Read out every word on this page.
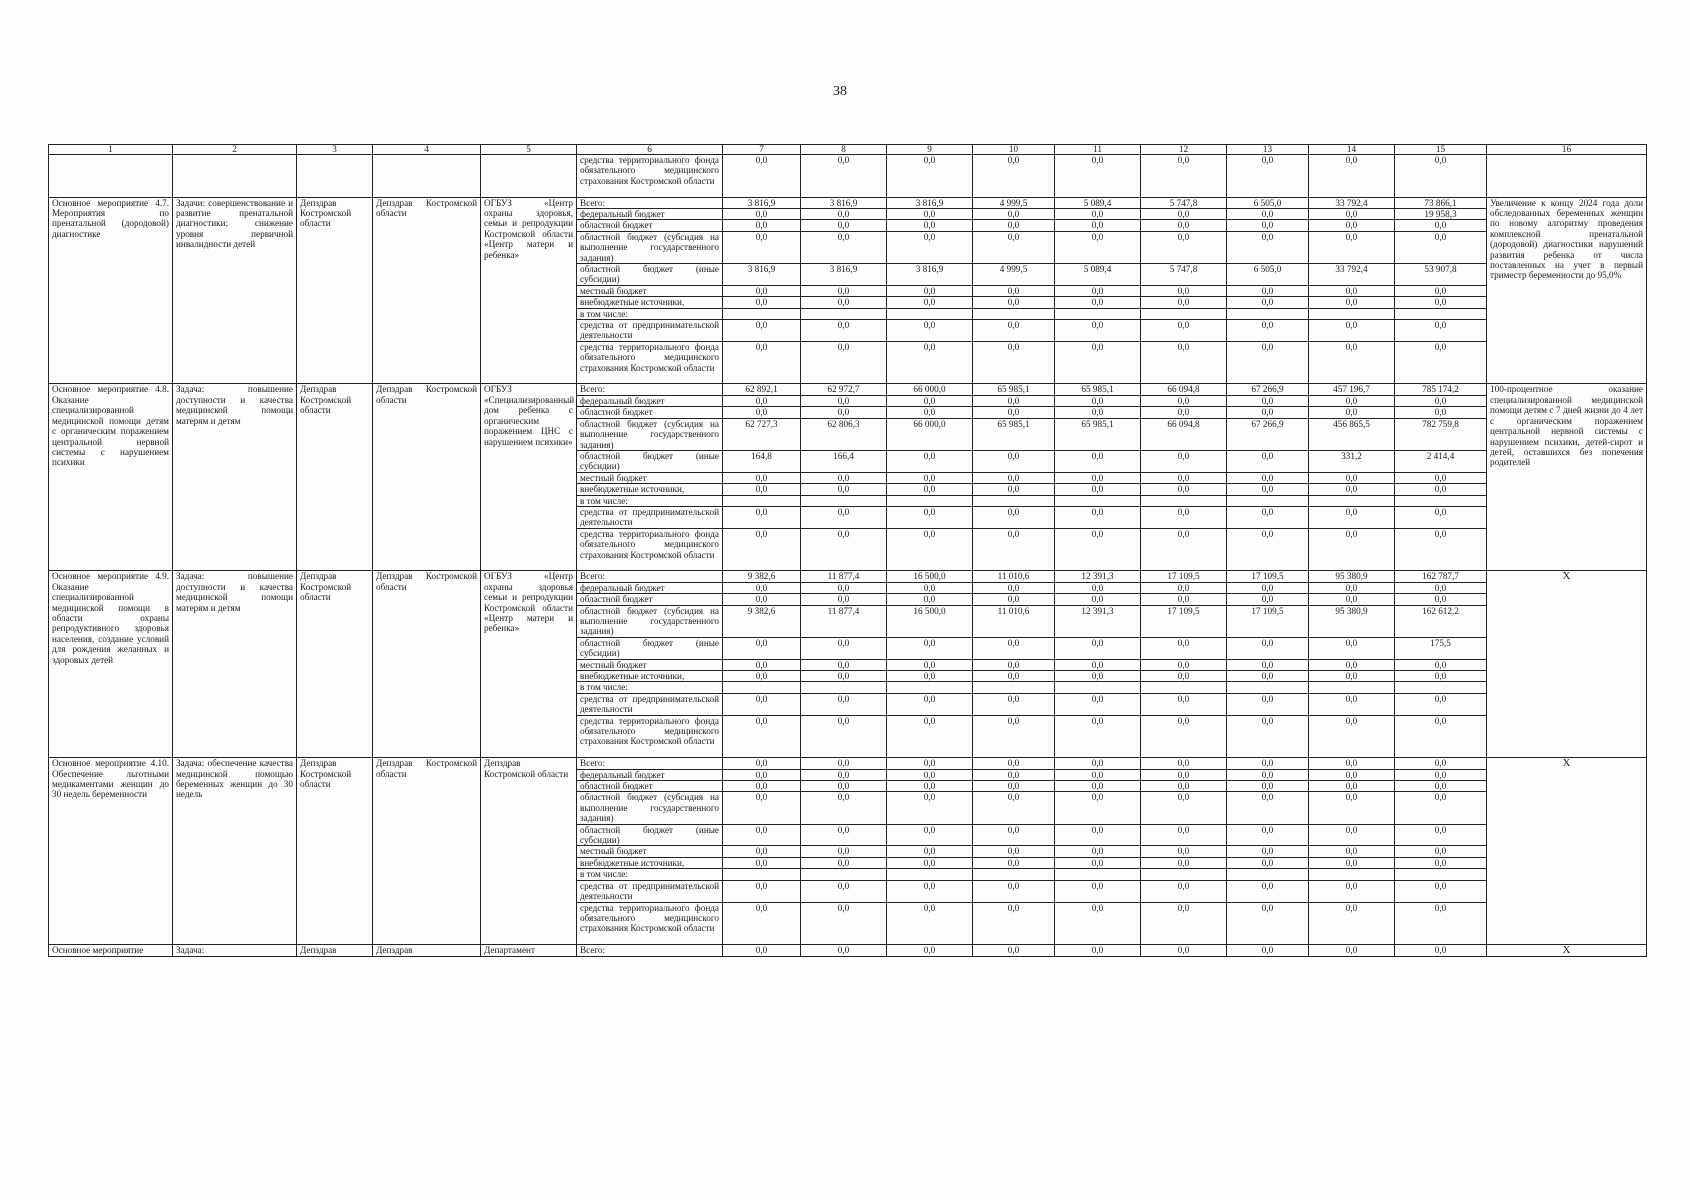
38
1	2	3	4	5	6	7	8	9	10	11	12	13	14	15	16
					средства территориального фонда обязательного медицинского страхования Костромской области	0,0	0,0	0,0	0,0	0,0	0,0	0,0	0,0	0,0	
Основное мероприятие 4.7. Мероприятия по пренатальной (дородовой) диагностике	Задачи: совершенствование и развитие пренатальной диагностики; снижение уровня первичной инвалидности детей	Депздрав Костромской области	Депздрав Костромской области	ОГБУЗ «Центр охраны здоровья, семьи и репродукции Костромской области «Центр матери и ребенка»	Всего:	3 816,9	3 816,9	3 816,9	4 999,5	5 089,4	5 747,8	6 505,0	33 792,4	73 866,1	Увеличение к концу 2024 года доли обследованных беременных женщин по новому алгоритму проведения комплексной пренатальной (дородовой) диагностики нарушений развития ребенка от числа поставленных на учет в первый триместр беременности до 95,0%
					федеральный бюджет	0,0	0,0	0,0	0,0	0,0	0,0	0,0	0,0	19 958,3	
					областной бюджет	0,0	0,0	0,0	0,0	0,0	0,0	0,0	0,0	0,0	
					областной бюджет (субсидия на выполнение государственного задания)	0,0	0,0	0,0	0,0	0,0	0,0	0,0	0,0	0,0	
					областной бюджет (иные субсидии)	3 816,9	3 816,9	3 816,9	4 999,5	5 089,4	5 747,8	6 505,0	33 792,4	53 907,8	
					местный бюджет	0,0	0,0	0,0	0,0	0,0	0,0	0,0	0,0	0,0	
					внебюджетные источники,	0,0	0,0	0,0	0,0	0,0	0,0	0,0	0,0	0,0	
					в том числе:										
					средства от предпринимательской деятельности	0,0	0,0	0,0	0,0	0,0	0,0	0,0	0,0	0,0	
					средства территориального фонда обязательного медицинского страхования Костромской области	0,0	0,0	0,0	0,0	0,0	0,0	0,0	0,0	0,0	
Основное мероприятие 4.8. Оказание специализированной медицинской помощи детям с органическим поражением центральной нервной системы с нарушением психики	Задача: повышение доступности и качества медицинской помощи матерям и детям	Депздрав Костромской области	Депздрав Костромской области	ОГБУЗ «Специализированный дом ребенка с органическим поражением ЦНС с нарушением психики»	Всего:	62 892,1	62 972,7	66 000,0	65 985,1	65 985,1	66 094,8	67 266,9	457 196,7	785 174,2	100-процентное оказание специализированной медицинской помощи детям с 7 дней жизни до 4 лет с органическим поражением центральной нервной системы с нарушением психики, детей-сирот и детей, оставшихся без попечения родителей
					федеральный бюджет	0,0	0,0	0,0	0,0	0,0	0,0	0,0	0,0	0,0	
					областной бюджет	0,0	0,0	0,0	0,0	0,0	0,0	0,0	0,0	0,0	
					областной бюджет (субсидия на выполнение государственного задания)	62 727,3	62 806,3	66 000,0	65 985,1	65 985,1	66 094,8	67 266,9	456 865,5	782 759,8	
					областной бюджет (иные субсидии)	164,8	166,4	0,0	0,0	0,0	0,0	0,0	331,2	2 414,4	
					местный бюджет	0,0	0,0	0,0	0,0	0,0	0,0	0,0	0,0	0,0	
					внебюджетные источники,	0,0	0,0	0,0	0,0	0,0	0,0	0,0	0,0	0,0	
					в том числе:										
					средства от предпринимательской деятельности	0,0	0,0	0,0	0,0	0,0	0,0	0,0	0,0	0,0	
					средства территориального фонда обязательного медицинского страхования Костромской области	0,0	0,0	0,0	0,0	0,0	0,0	0,0	0,0	0,0	
Основное мероприятие 4.9. Оказание специализированной медицинской помощи в области охраны репродуктивного здоровья населения, создание условий для рождения желанных и здоровых детей	Задача: повышение доступности и качества медицинской помощи матерям и детям	Депздрав Костромской области	Депздрав Костромской области	ОГБУЗ «Центр охраны здоровья семьи и репродукции Костромской области «Центр матери и ребенка»	Всего:	9 382,6	11 877,4	16 500,0	11 010,6	12 391,3	17 109,5	17 109,5	95 380,9	162 787,7	X
					федеральный бюджет	0,0	0,0	0,0	0,0	0,0	0,0	0,0	0,0	0,0	
					областной бюджет	0,0	0,0	0,0	0,0	0,0	0,0	0,0	0,0	0,0	
					областной бюджет (субсидия на выполнение государственного задания)	9 382,6	11 877,4	16 500,0	11 010,6	12 391,3	17 109,5	17 109,5	95 380,9	162 612,2	
					областной бюджет (иные субсидии)	0,0	0,0	0,0	0,0	0,0	0,0	0,0	0,0	175,5	
					местный бюджет	0,0	0,0	0,0	0,0	0,0	0,0	0,0	0,0	0,0	
					внебюджетные источники,	0,0	0,0	0,0	0,0	0,0	0,0	0,0	0,0	0,0	
					в том числе:										
					средства от предпринимательской деятельности	0,0	0,0	0,0	0,0	0,0	0,0	0,0	0,0	0,0	
					средства территориального фонда обязательного медицинского страхования Костромской области	0,0	0,0	0,0	0,0	0,0	0,0	0,0	0,0	0,0	
Основное мероприятие 4.10. Обеспечение льготными медикаментами женщин до 30 недель беременности	Задача: обеспечение качества медицинской помощью беременных женщин до 30 недель	Депздрав Костромской области	Депздрав Костромской области	Депздрав Костромской области	Всего:	0,0	0,0	0,0	0,0	0,0	0,0	0,0	0,0	0,0	X
					федеральный бюджет	0,0	0,0	0,0	0,0	0,0	0,0	0,0	0,0	0,0	
					областной бюджет	0,0	0,0	0,0	0,0	0,0	0,0	0,0	0,0	0,0	
					областной бюджет (субсидия на выполнение государственного задания)	0,0	0,0	0,0	0,0	0,0	0,0	0,0	0,0	0,0	
					областной бюджет (иные субсидии)	0,0	0,0	0,0	0,0	0,0	0,0	0,0	0,0	0,0	
					местный бюджет	0,0	0,0	0,0	0,0	0,0	0,0	0,0	0,0	0,0	
					внебюджетные источники,	0,0	0,0	0,0	0,0	0,0	0,0	0,0	0,0	0,0	
					в том числе:										
					средства от предпринимательской деятельности	0,0	0,0	0,0	0,0	0,0	0,0	0,0	0,0	0,0	
					средства территориального фонда обязательного медицинского страхования Костромской области	0,0	0,0	0,0	0,0	0,0	0,0	0,0	0,0	0,0	
Основное мероприятие	Задача:	Депздрав	Депздрав	Департамент	Всего:	0,0	0,0	0,0	0,0	0,0	0,0	0,0	0,0	0,0	X
